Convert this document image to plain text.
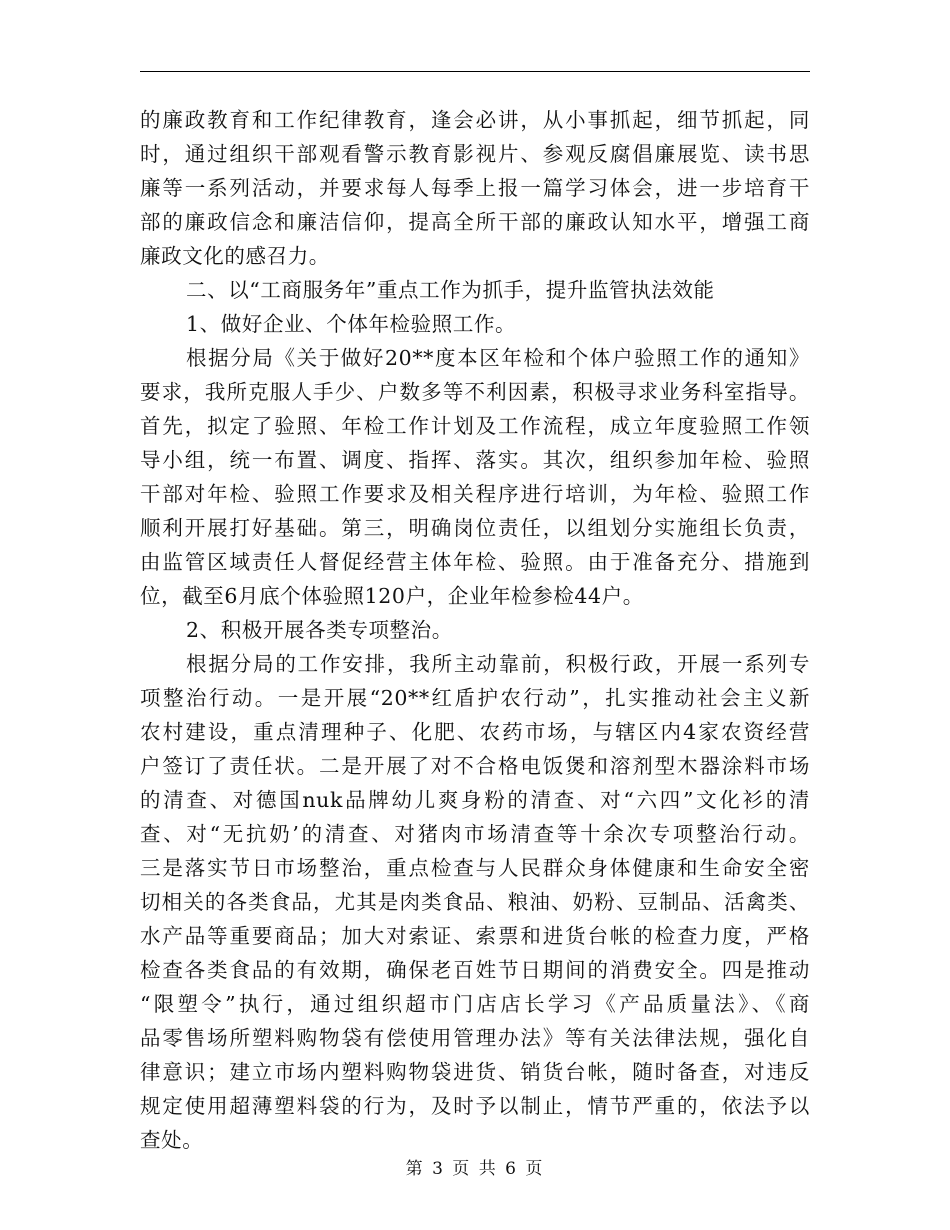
的廉政教育和工作纪律教育，逢会必讲，从小事抓起，细节抓起，同
时，通过组织干部观看警示教育影视片、参观反腐倡廉展览、读书思
廉等一系列活动，并要求每人每季上报一篇学习体会，进一步培育干
部的廉政信念和廉洁信仰，提高全所干部的廉政认知水平，增强工商
廉政文化的感召力。
二、以“工商服务年”重点工作为抓手，提升监管执法效能
1、做好企业、个体年检验照工作。
根据分局《关于做好20**度本区年检和个体户验照工作的通知》
要求，我所克服人手少、户数多等不利因素，积极寻求业务科室指导。
首先，拟定了验照、年检工作计划及工作流程，成立年度验照工作领
导小组，统一布置、调度、指挥、落实。其次，组织参加年检、验照
干部对年检、验照工作要求及相关程序进行培训，为年检、验照工作
顺利开展打好基础。第三，明确岗位责任，以组划分实施组长负责，
由监管区域责任人督促经营主体年检、验照。由于准备充分、措施到
位，截至6月底个体验照120户，企业年检参检44户。
2、积极开展各类专项整治。
根据分局的工作安排，我所主动靠前，积极行政，开展一系列专
项整治行动。一是开展“20**红盾护农行动”，扎实推动社会主义新
农村建设，重点清理种子、化肥、农药市场，与辖区内4家农资经营
户签订了责任状。二是开展了对不合格电饭煲和溶剂型木器涂料市场
的清查、对德国nuk品牌幼儿爽身粉的清查、对“六四”文化衫的清
查、对“无抗奶’的清查、对猪肉市场清查等十余次专项整治行动。
三是落实节日市场整治，重点检查与人民群众身体健康和生命安全密
切相关的各类食品，尤其是肉类食品、粮油、奶粉、豆制品、活禽类、
水产品等重要商品；加大对索证、索票和进货台帐的检查力度，严格
检查各类食品的有效期，确保老百姓节日期间的消费安全。四是推动
“限塑令”执行，通过组织超市门店店长学习《产品质量法》、《商
品零售场所塑料购物袋有偿使用管理办法》等有关法律法规，强化自
律意识；建立市场内塑料购物袋进货、销货台帐，随时备查，对违反
规定使用超薄塑料袋的行为，及时予以制止，情节严重的，依法予以
查处。
第 3 页 共 6 页
